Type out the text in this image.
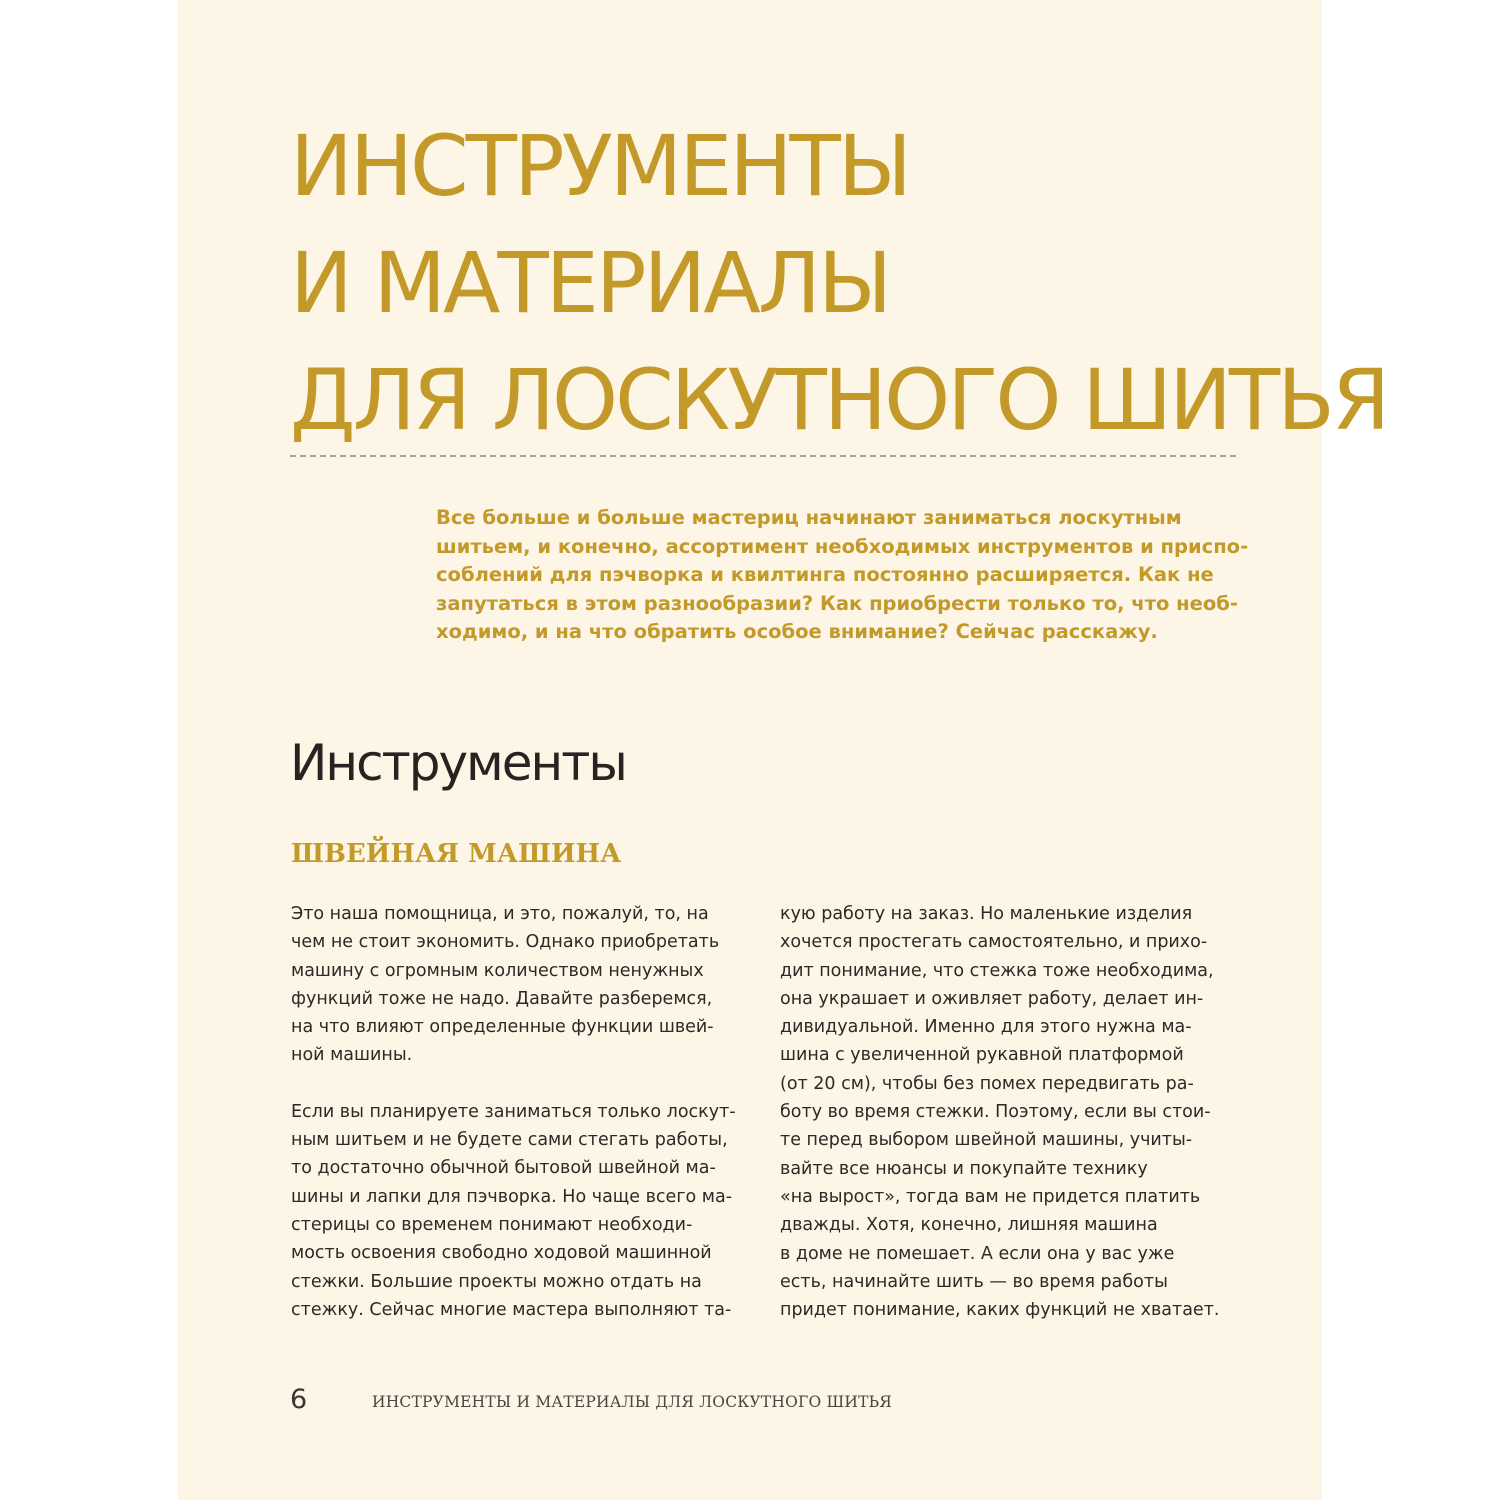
ИНСТРУМЕНТЫ
И МАТЕРИАЛЫ
ДЛЯ ЛОСКУТНОГО ШИТЬЯ

Все больше и больше мастериц начинают заниматься лоскутным
шитьем, и конечно, ассортимент необходимых инструментов и приспо-
соблений для пэчворка и квилтинга постоянно расширяется. Как не
запутаться в этом разнообразии? Как приобрести только то, что необ-
ходимо, и на что обратить особое внимание? Сейчас расскажу.

Инструменты
ШВЕЙНАЯ МАШИНА

Это наша помощница, и это, пожалуй, то, на
чем не стоит экономить. Однако приобретать
машину с огромным количеством ненужных
функций тоже не надо. Давайте разберемся,
на что влияют определенные функции швей-
ной машины.

Если вы планируете заниматься только лоскут-
ным шитьем и не будете сами стегать работы,
то достаточно обычной бытовой швейной ма-
шины и лапки для пэчворка. Но чаще всего ма-
стерицы со временем понимают необходи-
мость освоения свободно ходовой машинной
стежки. Большие проекты можно отдать на
стежку. Сейчас многие мастера выполняют та-

кую работу на заказ. Но маленькие изделия
хочется простегать самостоятельно, и прихо-
дит понимание, что стежка тоже необходима,
она украшает и оживляет работу, делает ин-
дивидуальной. Именно для этого нужна ма-
шина с увеличенной рукавной платформой
(от 20 см), чтобы без помех передвигать ра-
боту во время стежки. Поэтому, если вы стои-
те перед выбором швейной машины, учиты-
вайте все нюансы и покупайте технику
«на вырост», тогда вам не придется платить
дважды. Хотя, конечно, лишняя машина
в доме не помешает. А если она у вас уже
есть, начинайте шить — во время работы
придет понимание, каких функций не хватает.

6	ИНСТРУМЕНТЫ И МАТЕРИАЛЫ ДЛЯ ЛОСКУТНОГО ШИТЬЯ
